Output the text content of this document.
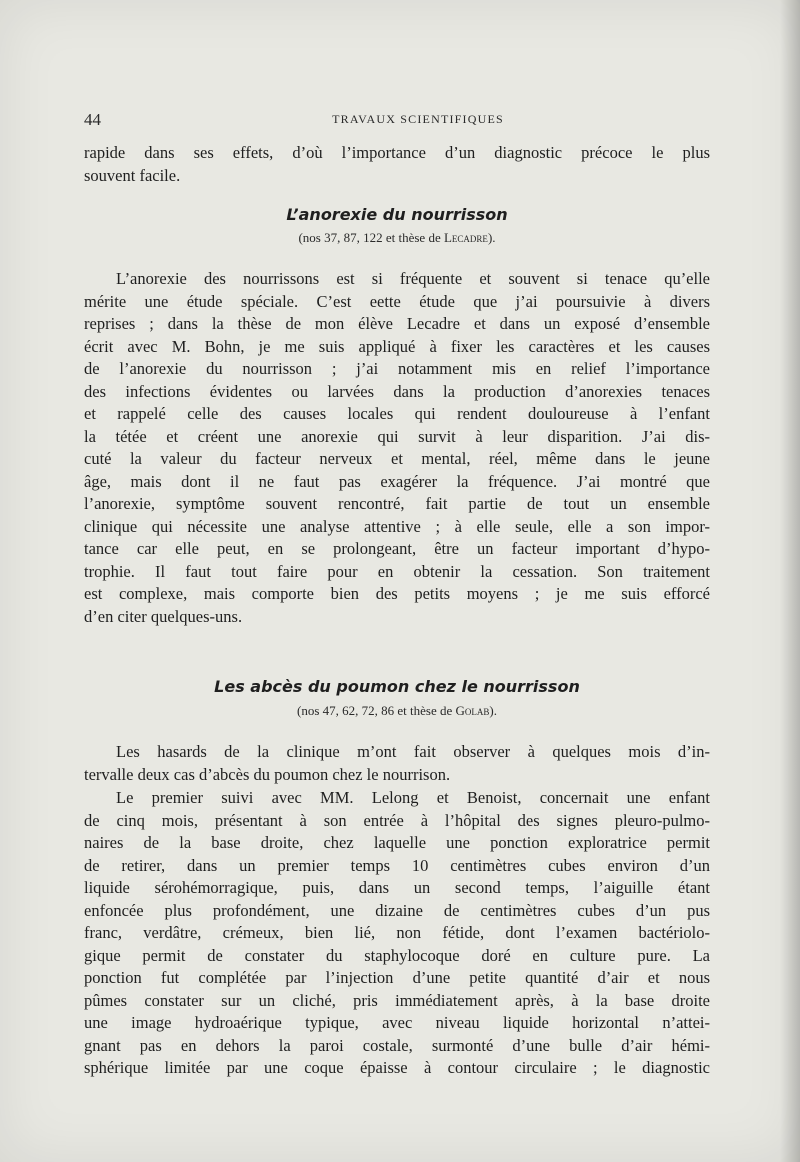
44	TRAVAUX SCIENTIFIQUES
rapide dans ses effets, d’où l’importance d’un diagnostic précoce le plus
souvent facile.
L’anorexie du nourrisson
(nos 37, 87, 122 et thèse de Lecadre).
L’anorexie des nourrissons est si fréquente et souvent si tenace qu’elle
mérite une étude spéciale. C’est eette étude que j’ai poursuivie à divers
reprises ; dans la thèse de mon élève Lecadre et dans un exposé d’ensemble
écrit avec M. Bohn, je me suis appliqué à fixer les caractères et les causes
de l’anorexie du nourrisson ; j’ai notamment mis en relief l’importance
des infections évidentes ou larvées dans la production d’anorexies tenaces
et rappelé celle des causes locales qui rendent douloureuse à l’enfant
la tétée et créent une anorexie qui survit à leur disparition. J’ai dis-
cuté la valeur du facteur nerveux et mental, réel, même dans le jeune
âge, mais dont il ne faut pas exagérer la fréquence. J’ai montré que
l’anorexie, symptôme souvent rencontré, fait partie de tout un ensemble
clinique qui nécessite une analyse attentive ; à elle seule, elle a son impor-
tance car elle peut, en se prolongeant, être un facteur important d’hypo-
trophie. Il faut tout faire pour en obtenir la cessation. Son traitement
est complexe, mais comporte bien des petits moyens ; je me suis efforcé
d’en citer quelques-uns.
Les abcès du poumon chez le nourrisson
(nos 47, 62, 72, 86 et thèse de Golab).
Les hasards de la clinique m’ont fait observer à quelques mois d’in-
tervalle deux cas d’abcès du poumon chez le nourrison.
Le premier suivi avec MM. Lelong et Benoist, concernait une enfant
de cinq mois, présentant à son entrée à l’hôpital des signes pleuro-pulmo-
naires de la base droite, chez laquelle une ponction exploratrice permit
de retirer, dans un premier temps 10 centimètres cubes environ d’un
liquide sérohémorragique, puis, dans un second temps, l’aiguille étant
enfoncée plus profondément, une dizaine de centimètres cubes d’un pus
franc, verdâtre, crémeux, bien lié, non fétide, dont l’examen bactériolo-
gique permit de constater du staphylocoque doré en culture pure. La
ponction fut complétée par l’injection d’une petite quantité d’air et nous
pûmes constater sur un cliché, pris immédiatement après, à la base droite
une image hydroaérique typique, avec niveau liquide horizontal n’attei-
gnant pas en dehors la paroi costale, surmonté d’une bulle d’air hémi-
sphérique limitée par une coque épaisse à contour circulaire ; le diagnostic
